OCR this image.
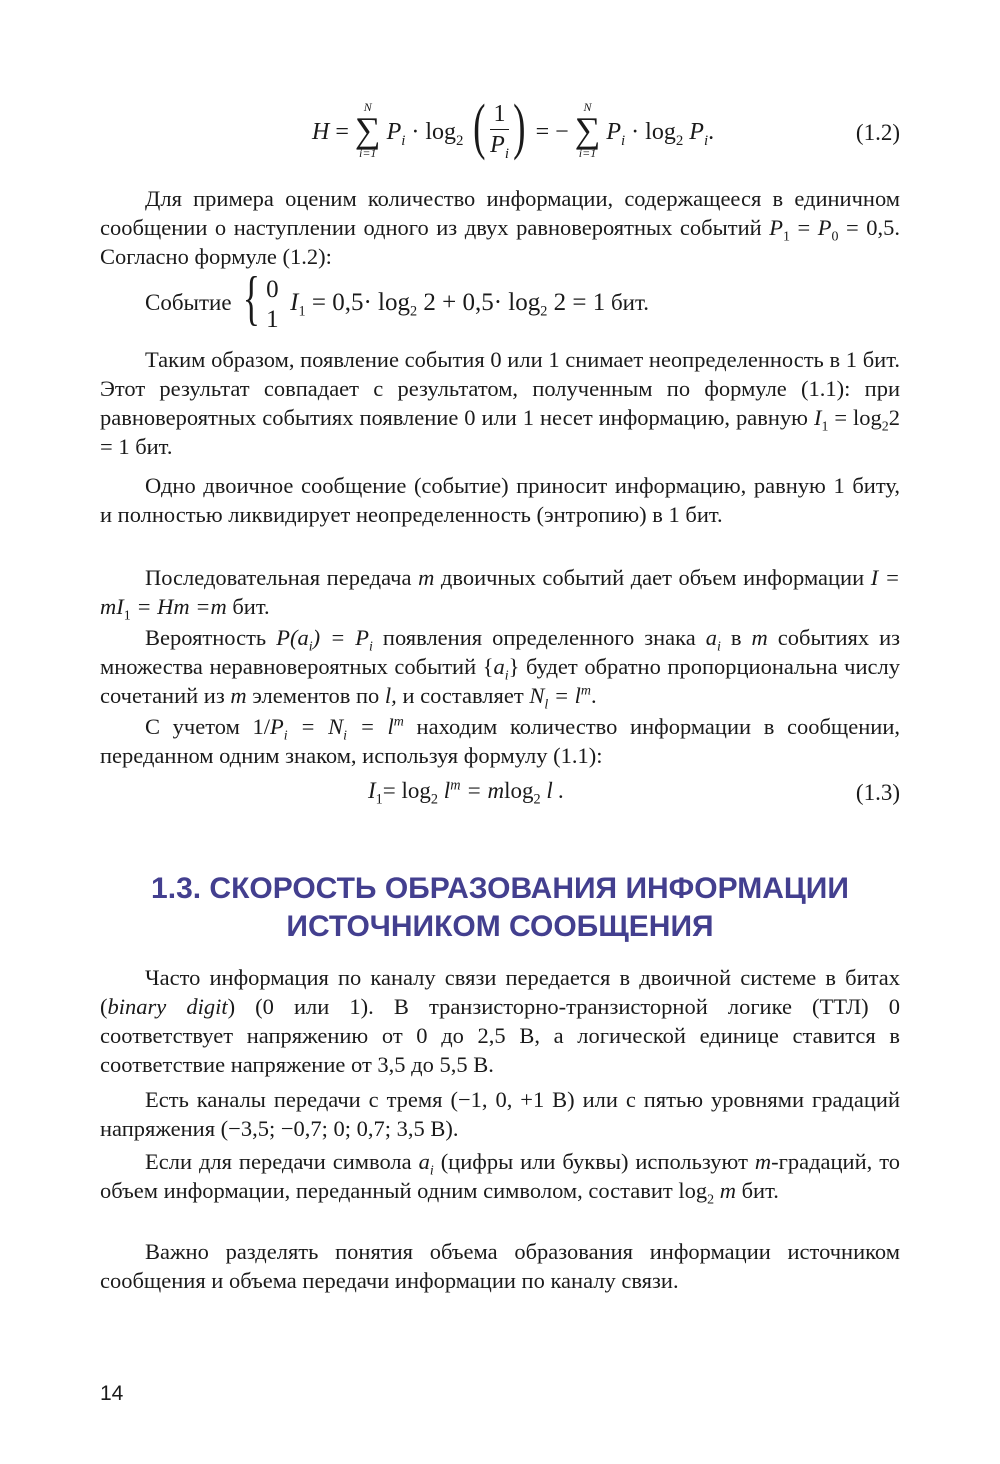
H =
N
∑
i=1
$P_i \cdot \log_2$ ( $\frac{1}{P_i}$ ) = −
N
∑
i=1
$P_i \cdot \log_2 P_i$.	(1.2)

Для примера оценим количество информации, содержащееся в единичном сообщении о наступлении одного из двух равновероятных событий $P_1 = P_0 = 0,5$. Согласно формуле (1.2):

Событие { 0
1
$I_1 = 0,5\cdot \log_2 2 + 0,5\cdot \log_2 2 = 1$ бит.

Таким образом, появление события 0 или 1 снимает неопределенность в 1 бит. Этот результат совпадает с результатом, полученным по формуле (1.1): при равновероятных событиях появление 0 или 1 несет информацию, равную $I_1 = \log_22 = 1$ бит.

Одно двоичное сообщение (событие) приносит информацию, равную 1 биту, и полностью ликвидирует неопределенность (энтропию) в 1 бит.

Последовательная передача m двоичных событий дает объем информации $I = mI_1 = Hm =m$ бит.

Вероятность $P(a_i) = P_i$ появления определенного знака $a_i$ в m событиях из множества неравновероятных событий $\{a_i\}$ будет обратно пропорциональна числу сочетаний из m элементов по l, и составляет $N_l = l^m$.

С учетом $1/P_i = N_i = l^m$ находим количество информации в сообщении, переданном одним знаком, используя формулу (1.1):

$I_1= \log_2 l^m = mlog_2$ l .	(1.3)
1.3. СКОРОСТЬ ОБРАЗОВАНИЯ ИНФОРМАЦИИ
ИСТОЧНИКОМ СООБЩЕНИЯ

Часто информация по каналу связи передается в двоичной системе в битах (binary digit) (0 или 1). В транзисторно-транзисторной логике (ТТЛ) 0 соответствует напряжению от 0 до 2,5 В, а логической единице ставится в соответствие напряжение от 3,5 до 5,5 В.

Есть каналы передачи с тремя (−1, 0, +1 В) или с пятью уровнями градаций напряжения (−3,5; −0,7; 0; 0,7; 3,5 В).

Если для передачи символа $a_i$ (цифры или буквы) используют m-градаций, то объем информации, переданный одним символом, составит $\log_2 m$ бит.

Важно разделять понятия объема образования информации источником сообщения и объема передачи информации по каналу связи.

14
